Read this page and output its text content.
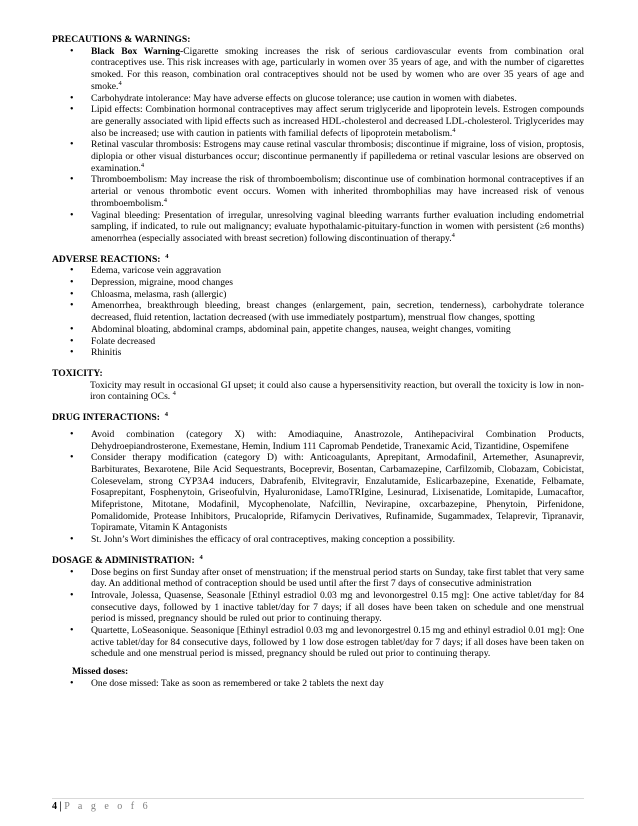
PRECAUTIONS & WARNINGS:
• Black Box Warning-Cigarette smoking increases the risk of serious cardiovascular events from combination oral contraceptives use. This risk increases with age, particularly in women over 35 years of age, and with the number of cigarettes smoked. For this reason, combination oral contraceptives should not be used by women who are over 35 years of age and smoke.$^4$
• Carbohydrate intolerance: May have adverse effects on glucose tolerance; use caution in women with diabetes.
• Lipid effects: Combination hormonal contraceptives may affect serum triglyceride and lipoprotein levels. Estrogen compounds are generally associated with lipid effects such as increased HDL-cholesterol and decreased LDL-cholesterol. Triglycerides may also be increased; use with caution in patients with familial defects of lipoprotein metabolism.$^4$
• Retinal vascular thrombosis: Estrogens may cause retinal vascular thrombosis; discontinue if migraine, loss of vision, proptosis, diplopia or other visual disturbances occur; discontinue permanently if papilledema or retinal vascular lesions are observed on examination.$^4$
• Thromboembolism: May increase the risk of thromboembolism; discontinue use of combination hormonal contraceptives if an arterial or venous thrombotic event occurs. Women with inherited thrombophilias may have increased risk of venous thromboembolism.$^4$
• Vaginal bleeding: Presentation of irregular, unresolving vaginal bleeding warrants further evaluation including endometrial sampling, if indicated, to rule out malignancy; evaluate hypothalamic-pituitary-function in women with persistent (≥6 months) amenorrhea (especially associated with breast secretion) following discontinuation of therapy.$^4$
ADVERSE REACTIONS: $^4$
• Edema, varicose vein aggravation
• Depression, migraine, mood changes
• Chloasma, melasma, rash (allergic)
• Amenorrhea, breakthrough bleeding, breast changes (enlargement, pain, secretion, tenderness), carbohydrate tolerance decreased, fluid retention, lactation decreased (with use immediately postpartum), menstrual flow changes, spotting
• Abdominal bloating, abdominal cramps, abdominal pain, appetite changes, nausea, weight changes, vomiting
• Folate decreased
• Rhinitis
TOXICITY:
Toxicity may result in occasional GI upset; it could also cause a hypersensitivity reaction, but overall the toxicity is low in non-iron containing OCs. $^4$
DRUG INTERACTIONS: $^4$
• Avoid combination (category X) with: Amodiaquine, Anastrozole, Antihepaciviral Combination Products, Dehydroepiandrosterone, Exemestane, Hemin, Indium 111 Capromab Pendetide, Tranexamic Acid, Tizantidine, Ospemifene
• Consider therapy modification (category D) with: Anticoagulants, Aprepitant, Armodafinil, Artemether, Asunaprevir, Barbiturates, Bexarotene, Bile Acid Sequestrants, Boceprevir, Bosentan, Carbamazepine, Carfilzomib, Clobazam, Cobicistat, Colesevelam, strong CYP3A4 inducers, Dabrafenib, Elvitegravir, Enzalutamide, Eslicarbazepine, Exenatide, Felbamate, Fosaprepitant, Fosphenytoin, Griseofulvin, Hyaluronidase, LamoTRIgine, Lesinurad, Lixisenatide, Lomitapide, Lumacaftor, Mifepristone, Mitotane, Modafinil, Mycophenolate, Nafcillin, Nevirapine, oxcarbazepine, Phenytoin, Pirfenidone, Pomalidomide, Protease Inhibitors, Prucalopride, Rifamycin Derivatives, Rufinamide, Sugammadex, Telaprevir, Tipranavir, Topiramate, Vitamin K Antagonists
• St. John’s Wort diminishes the efficacy of oral contraceptives, making conception a possibility.
DOSAGE & ADMINISTRATION: $^4$
• Dose begins on first Sunday after onset of menstruation; if the menstrual period starts on Sunday, take first tablet that very same day. An additional method of contraception should be used until after the first 7 days of consecutive administration
• Introvale, Jolessa, Quasense, Seasonale [Ethinyl estradiol 0.03 mg and levonorgestrel 0.15 mg]: One active tablet/day for 84 consecutive days, followed by 1 inactive tablet/day for 7 days; if all doses have been taken on schedule and one menstrual period is missed, pregnancy should be ruled out prior to continuing therapy.
• Quartette, LoSeasonique. Seasonique [Ethinyl estradiol 0.03 mg and levonorgestrel 0.15 mg and ethinyl estradiol 0.01 mg]: One active tablet/day for 84 consecutive days, followed by 1 low dose estrogen tablet/day for 7 days; if all doses have been taken on schedule and one menstrual period is missed, pregnancy should be ruled out prior to continuing therapy.
Missed doses:
• One dose missed: Take as soon as remembered or take 2 tablets the next day
4 | P a g e o f 6
